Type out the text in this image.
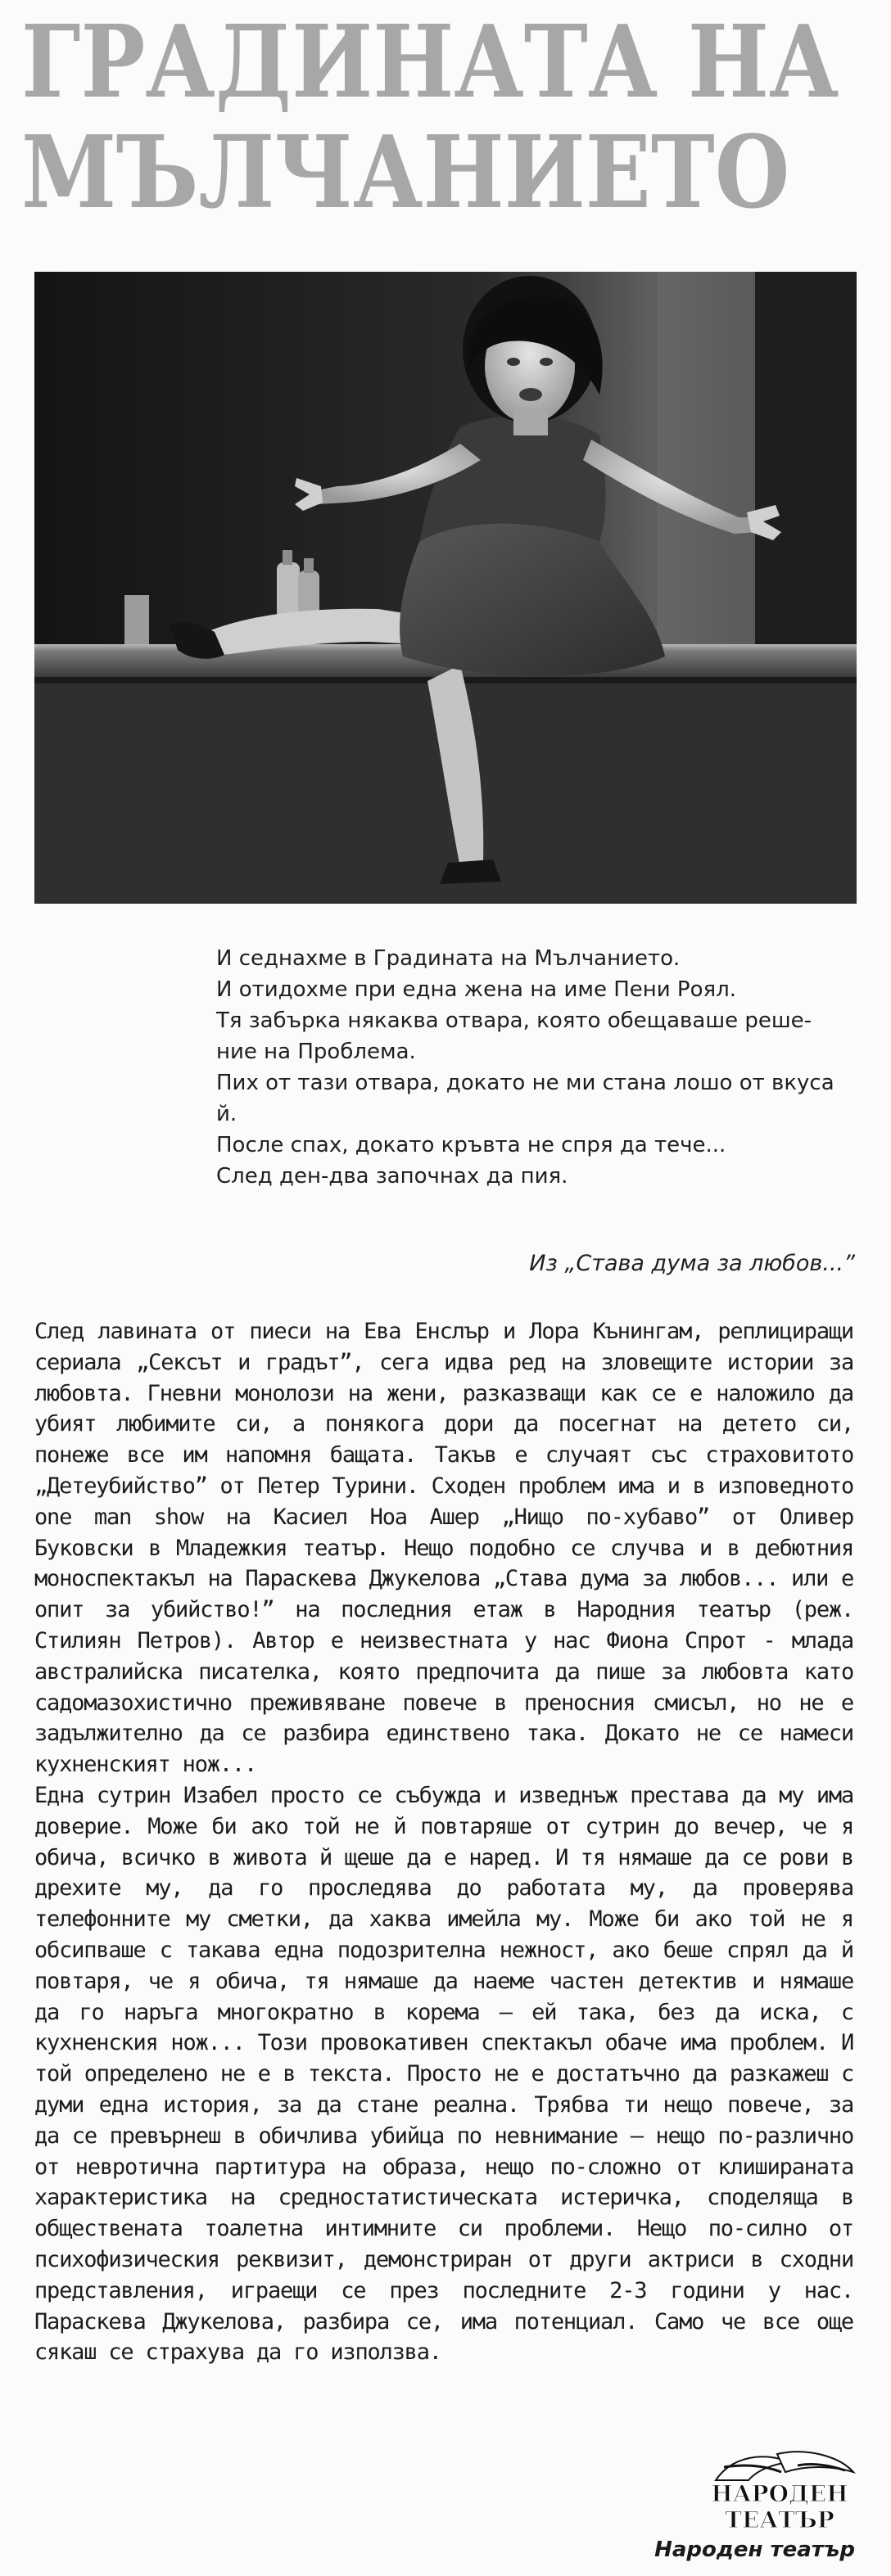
ГРАДИНАТА НА
МЪЛЧАНИЕТО
И седнахме в Градината на Мълчанието.
И отидохме при една жена на име Пени Роял.
Тя забърка някаква отвара, която обещаваше реше-
ние на Проблема.
Пих от тази отвара, докато не ми стана лошо от вкуса
й.
После спах, докато кръвта не спря да тече...
След ден-два започнах да пия.
Из „Става дума за любов...”

След лавината от пиеси на Ева Енслър и Лора Кънингам, реплициращи сериала „Сексът и градът”, сега идва ред на зловещите истории за любовта. Гневни монолози на жени, разказващи как се е наложило да убият любимите си, а понякога дори да посегнат на детето си, понеже все им напомня бащата. Такъв е случаят със страховитото „Детеубийство” от Петер Турини. Сходен проблем има и в изповедното one man show на Касиел Ноа Ашер „Нищо по-хубаво” от Оливер Буковски в Младежкия театър. Нещо подобно се случва и в дебютния моноспектакъл на Параскева Джукелова „Става дума за любов... или е опит за убийство!” на последния етаж в Народния театър (реж. Стилиян Петров). Автор е неизвестната у нас Фиона Спрот - млада австралийска писателка, която предпочита да пише за любовта като садомазохистично преживяване повече в преносния смисъл, но не е задължително да се разбира единствено така. Докато не се намеси кухненският нож...

Една сутрин Изабел просто се събужда и изведнъж престава да му има доверие. Може би ако той не й повтаряше от сутрин до вечер, че я обича, всичко в живота й щеше да е наред. И тя нямаше да се рови в дрехите му, да го проследява до работата му, да проверява телефонните му сметки, да хаква имейла му. Може би ако той не я обсипваше с такава една подозрителна нежност, ако беше спрял да й повтаря, че я обича, тя нямаше да наеме частен детектив и нямаше да го наръга многократно в корема – ей така, без да иска, с кухненския нож... Този провокативен спектакъл обаче има проблем. И той определено не е в текста. Просто не е достатъчно да разкажеш с думи една история, за да стане реална. Трябва ти нещо повече, за да се превърнеш в обичлива убийца по невнимание – нещо по-различно от невротична партитура на образа, нещо по-сложно от клишираната характеристика на средностатистическата истеричка, споделяща в обществената тоалетна интимните си проблеми. Нещо по-силно от психофизическия реквизит, демонстриран от други актриси в сходни представления, играещи се през последните 2-3 години у нас. Параскева Джукелова, разбира се, има потенциал. Само че все още сякаш се страхува да го използва.

НАРОДЕН
ТЕАТЪР
Народен театър
